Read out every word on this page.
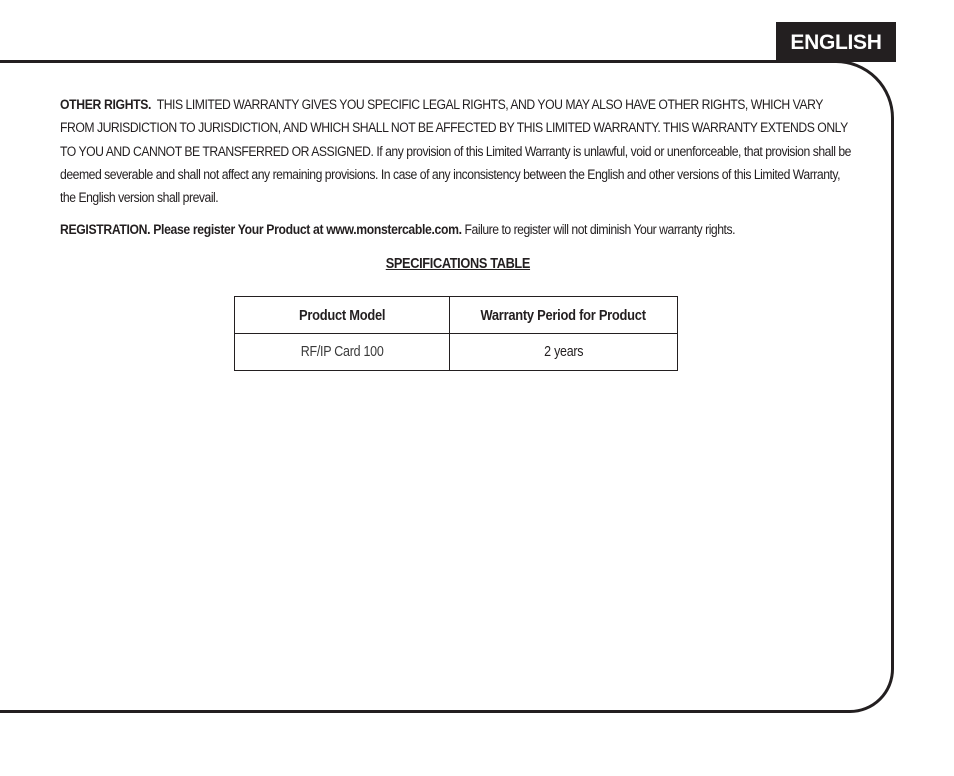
ENGLISH

OTHER RIGHTS. THIS LIMITED WARRANTY GIVES YOU SPECIFIC LEGAL RIGHTS, AND YOU MAY ALSO HAVE OTHER RIGHTS, WHICH VARY FROM JURISDICTION TO JURISDICTION, AND WHICH SHALL NOT BE AFFECTED BY THIS LIMITED WARRANTY. THIS WARRANTY EXTENDS ONLY TO YOU AND CANNOT BE TRANSFERRED OR ASSIGNED. If any provision of this Limited Warranty is unlawful, void or unenforceable, that provision shall be deemed severable and shall not affect any remaining provisions. In case of any inconsistency between the English and other versions of this Limited Warranty, the English version shall prevail.

REGISTRATION. Please register Your Product at www.monstercable.com. Failure to register will not diminish Your warranty rights.

SPECIFICATIONS TABLE
Product Model	Warranty Period for Product
RF/IP Card 100	2 years
